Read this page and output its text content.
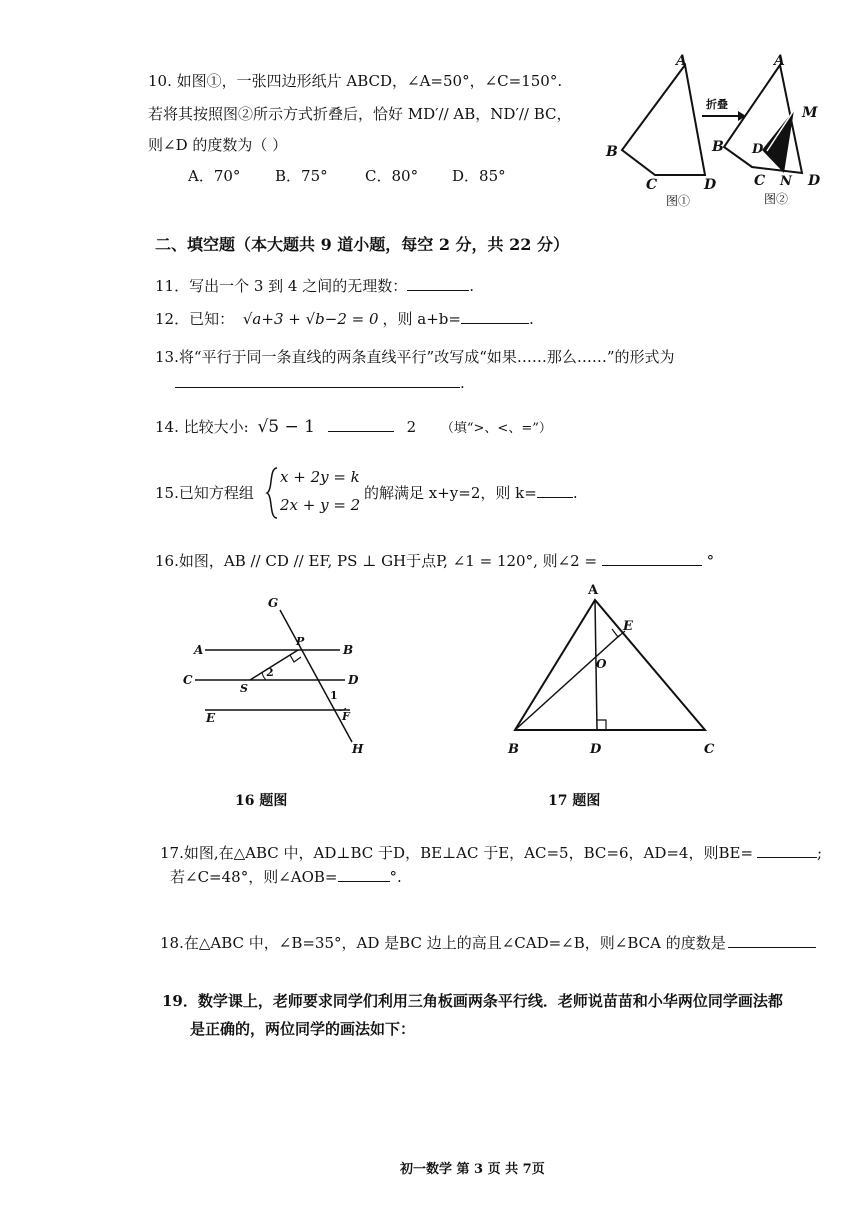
10. 如图①，一张四边形纸片 ABCD，∠A=50°，∠C=150°.
若将其按照图②所示方式折叠后，恰好 MD′// AB，ND′// BC，
则∠D 的度数为（ ）
A．70° B．75° C．80° D．85°
A
B
C	D
图①
折叠
A
B D
M
C N D
图②
二、填空题（本大题共 9 道小题，每空 2 分，共 22 分）
11．写出一个 3 到 4 之间的无理数：	.
12．已知： √a+3 + √b−2 = 0 ，则 a+b=	.
13.将“平行于同一条直线的两条直线平行”改写成“如果……那么……”的形式为
.
14. 比较大小: √5 − 1	2 （填“>、<、=”）
15.已知方程组
x + 2y = k
2x + y = 2
的解满足 x+y=2，则 k= .
16.如图，AB // CD // EF, PS ⊥ GH于点P, ∠1 = 120°, 则∠2 =	°
G
P
A	B
C
S
2
D
1
E	F
H
16 题图
A
E
O
B	D	C
17 题图
17.如图,在△ABC 中，AD⊥BC 于D，BE⊥AC 于E，AC=5，BC=6，AD=4，则BE=	;
若∠C=48°，则∠AOB=	°.
18.在△ABC 中，∠B=35°，AD 是BC 边上的高且∠CAD=∠B，则∠BCA 的度数是
19．数学课上，老师要求同学们利用三角板画两条平行线．老师说苗苗和小华两位同学画法都
是正确的，两位同学的画法如下：
初一数学 第 3 页 共 7页
